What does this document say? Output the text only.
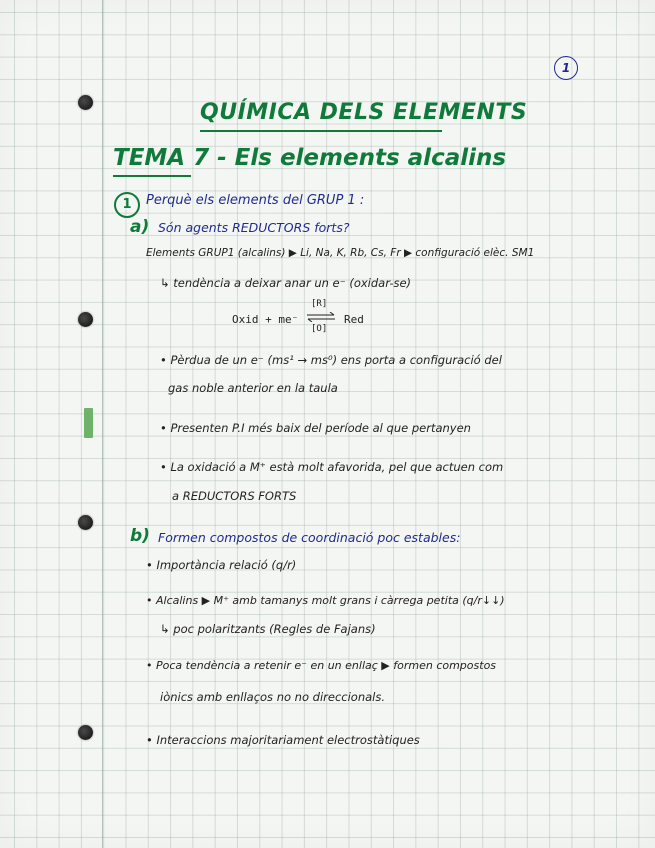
1
QUÍMICA DELS ELEMENTS
TEMA 7 - Els elements alcalins
1	Perquè els elements del GRUP 1 :
a) Són agents REDUCTORS forts?
Elements GRUP1 (alcalins) ▶ Li, Na, K, Rb, Cs, Fr ▶ configuració elèc. SM1
↳ tendència a deixar anar un e⁻ (oxidar-se)
Oxid + me⁻
[R]
[O]
Red
• Pèrdua de un e⁻ (ms¹ → ms⁰) ens porta a configuració del
gas noble anterior en la taula
• Presenten P.I més baix del període al que pertanyen
• La oxidació a M⁺ està molt afavorida, pel que actuen com
a REDUCTORS FORTS
b) Formen compostos de coordinació poc estables:
• Importància relació (q/r)
• Alcalins ▶ M⁺ amb tamanys molt grans i càrrega petita (q/r↓↓)
↳ poc polaritzants (Regles de Fajans)
• Poca tendència a retenir e⁻ en un enllaç ▶ formen compostos
iònics amb enllaços no no direccionals.
• Interaccions majoritariament electrostàtiques
